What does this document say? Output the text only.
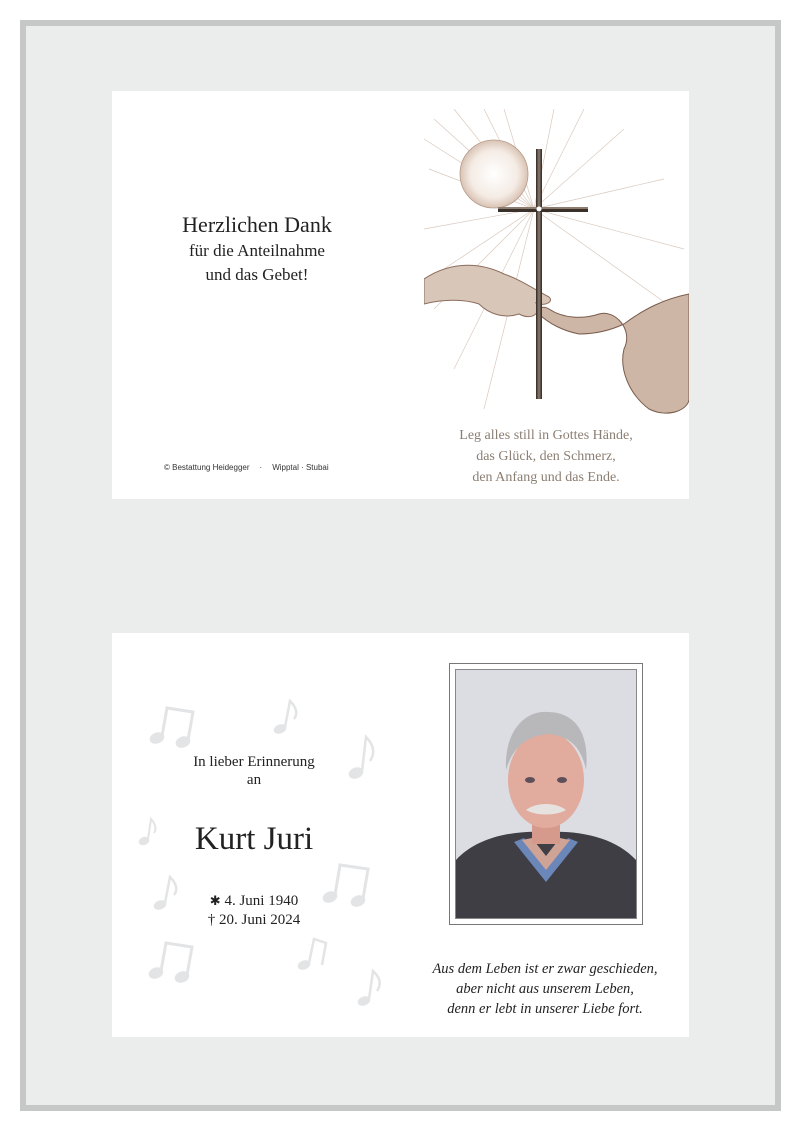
Herzlichen Dank
für die Anteilnahme
und das Gebet!
© Bestattung Heidegger · Wipptal · Stubai
Leg alles still in Gottes Hände,
das Glück, den Schmerz,
den Anfang und das Ende.
In lieber Erinnerung
an
Kurt Juri
✱ 4. Juni 1940
† 20. Juni 2024
Aus dem Leben ist er zwar geschieden,
aber nicht aus unserem Leben,
denn er lebt in unserer Liebe fort.
